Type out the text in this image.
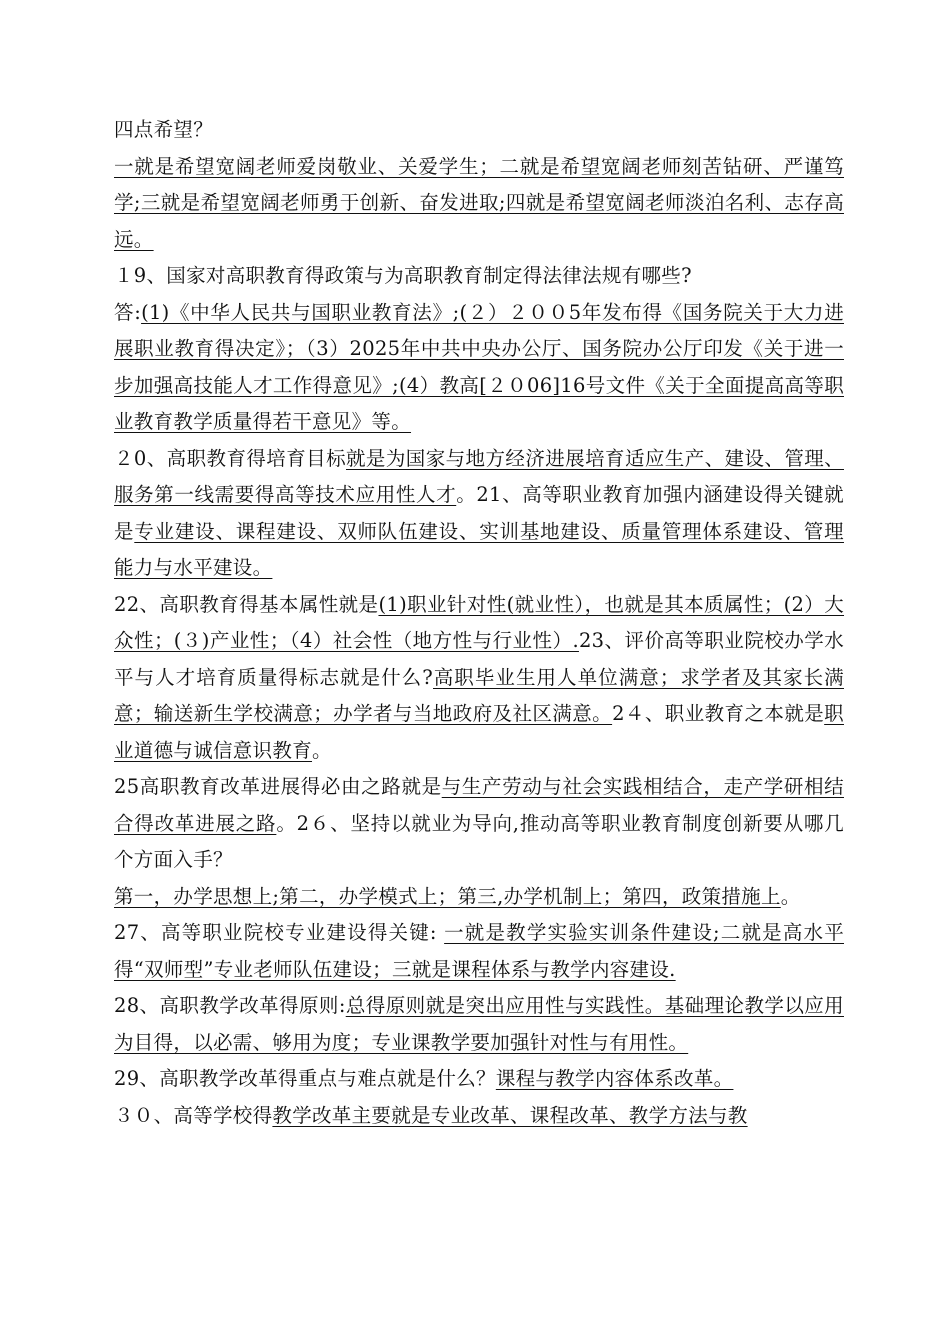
四点希望？

一就是希望宽阔老师爱岗敬业、关爱学生；二就是希望宽阔老师刻苦钻研、严谨笃学;三就是希望宽阔老师勇于创新、奋发进取;四就是希望宽阔老师淡泊名利、志存高远。

１9、国家对高职教育得政策与为高职教育制定得法律法规有哪些?

答:(1)《中华人民共与国职业教育法》;(２）２００5年发布得《国务院关于大力进展职业教育得决定》；（3）2025年中共中央办公厅、国务院办公厅印发《关于进一步加强高技能人才工作得意见》;(4）教高[２０06]16号文件《关于全面提高高等职业教育教学质量得若干意见》等。

２0、高职教育得培育目标就是为国家与地方经济进展培育适应生产、建设、管理、服务第一线需要得高等技术应用性人才。21、高等职业教育加强内涵建设得关键就是专业建设、课程建设、双师队伍建设、实训基地建设、质量管理体系建设、管理能力与水平建设。

22、高职教育得基本属性就是(1)职业针对性(就业性），也就是其本质属性；(2）大众性；(３)产业性；（4）社会性（地方性与行业性）.23、评价高等职业院校办学水平与人才培育质量得标志就是什么?高职毕业生用人单位满意；求学者及其家长满意；输送新生学校满意；办学者与当地政府及社区满意。2４、职业教育之本就是职业道德与诚信意识教育。

25高职教育改革进展得必由之路就是与生产劳动与社会实践相结合，走产学研相结合得改革进展之路。2６、坚持以就业为导向,推动高等职业教育制度创新要从哪几个方面入手？

第一，办学思想上;第二，办学模式上；第三,办学机制上；第四，政策措施上。

27、高等职业院校专业建设得关键: 一就是教学实验实训条件建设;二就是高水平得“双师型”专业老师队伍建设；三就是课程体系与教学内容建设.

28、高职教学改革得原则:总得原则就是突出应用性与实践性。基础理论教学以应用为目得，以必需、够用为度；专业课教学要加强针对性与有用性。

29、高职教学改革得重点与难点就是什么？课程与教学内容体系改革。

３０、高等学校得教学改革主要就是专业改革、课程改革、教学方法与教
